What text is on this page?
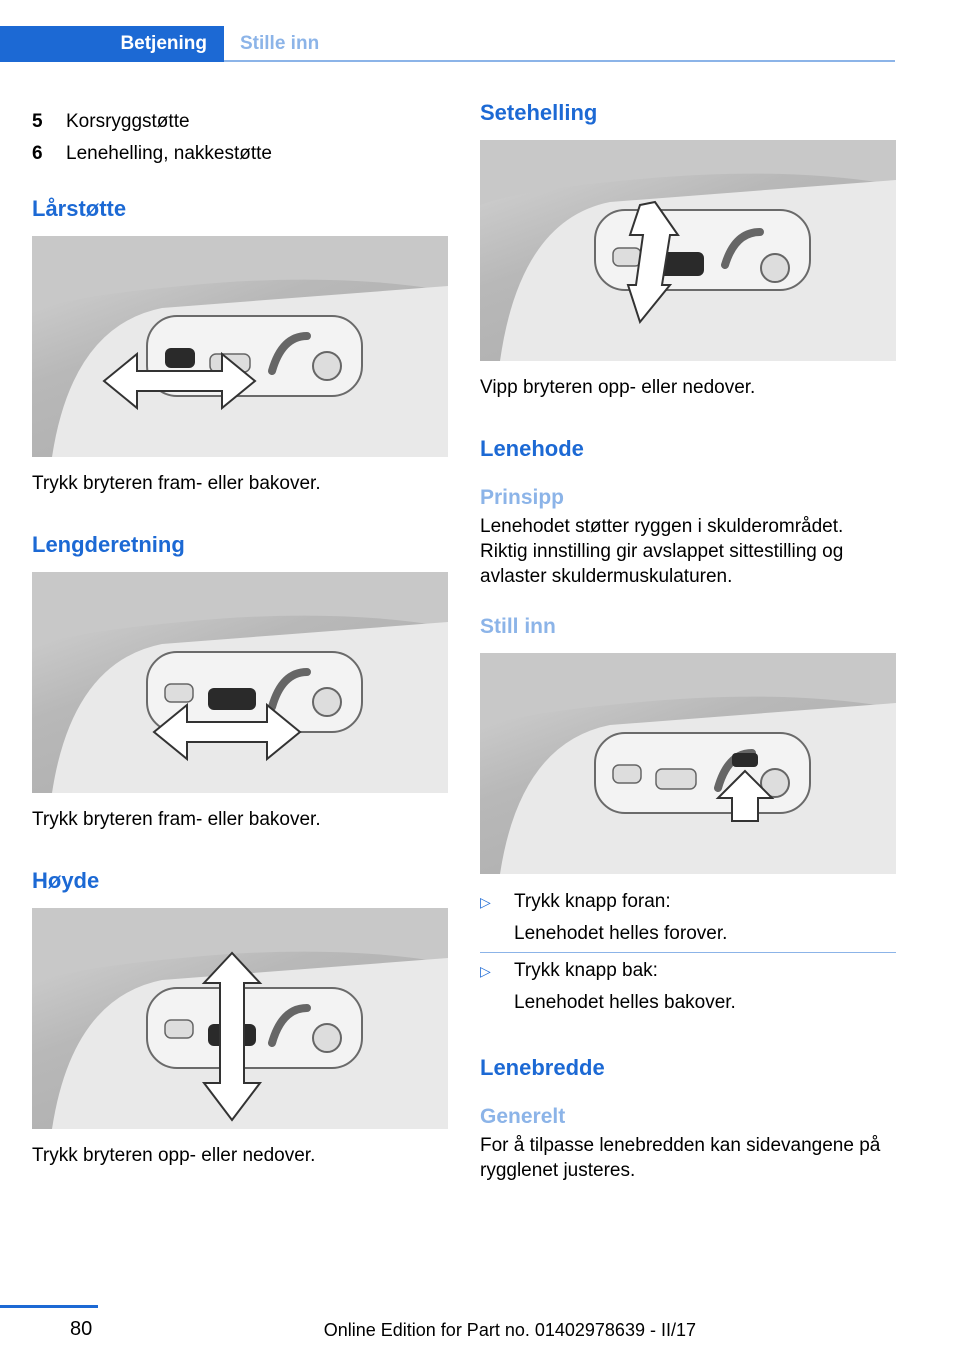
Betjening	Stille inn
5	Korsryggstøtte
6	Lenehelling, nakkestøtte
Lårstøtte

Trykk bryteren fram- eller bakover.

Lengderetning

Trykk bryteren fram- eller bakover.

Høyde

Trykk bryteren opp- eller nedover.

Setehelling

Vipp bryteren opp- eller nedover.

Lenehode
Prinsipp

Lenehodet støtter ryggen i skulderområdet. Riktig innstilling gir avslappet sittestilling og avlaster skuldermuskulaturen.

Still inn
▷	Trykk knapp foran:
Lenehodet helles forover.
▷	Trykk knapp bak:
Lenehodet helles bakover.
Lenebredde
Generelt

For å tilpasse lenebredden kan sidevangene på rygglenet justeres.

80	Online Edition for Part no. 01402978639 - II/17
